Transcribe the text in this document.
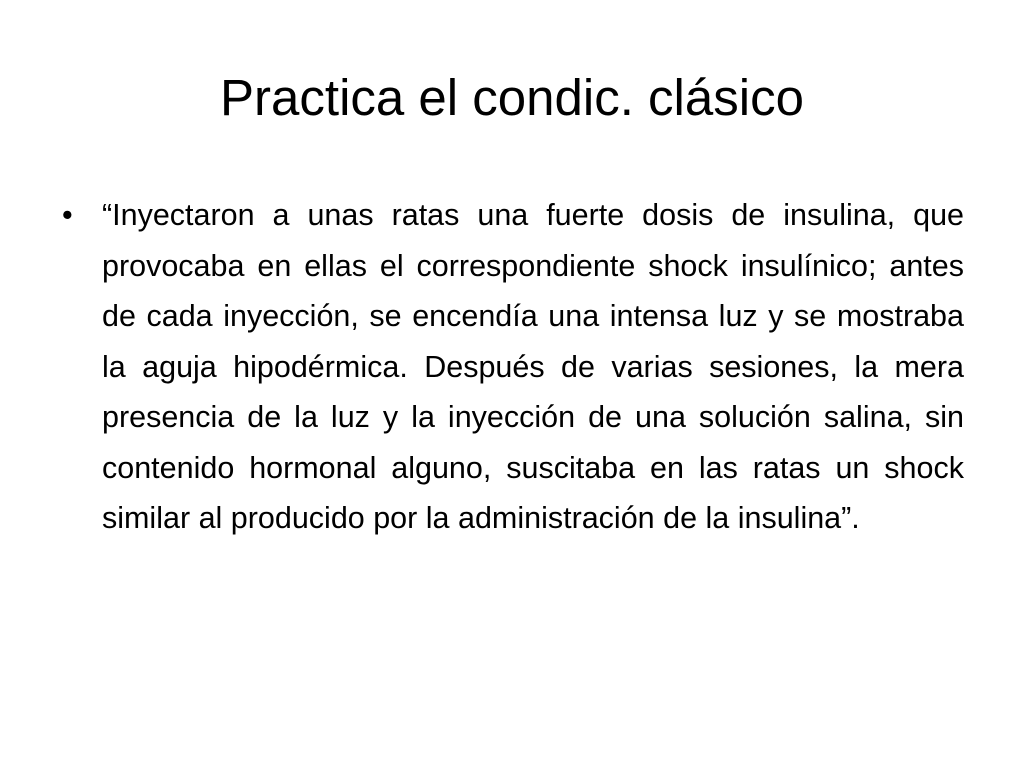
Practica el condic. clásico
• “Inyectaron a unas ratas una fuerte dosis de insulina, que provocaba en ellas el correspondiente shock insulínico; antes de cada inyección, se encendía una intensa luz y se mostraba la aguja hipodérmica. Después de varias sesiones, la mera presencia de la luz y la inyección de una solución salina, sin contenido hormonal alguno, suscitaba en las ratas un shock similar al producido por la administración de la insulina”.
